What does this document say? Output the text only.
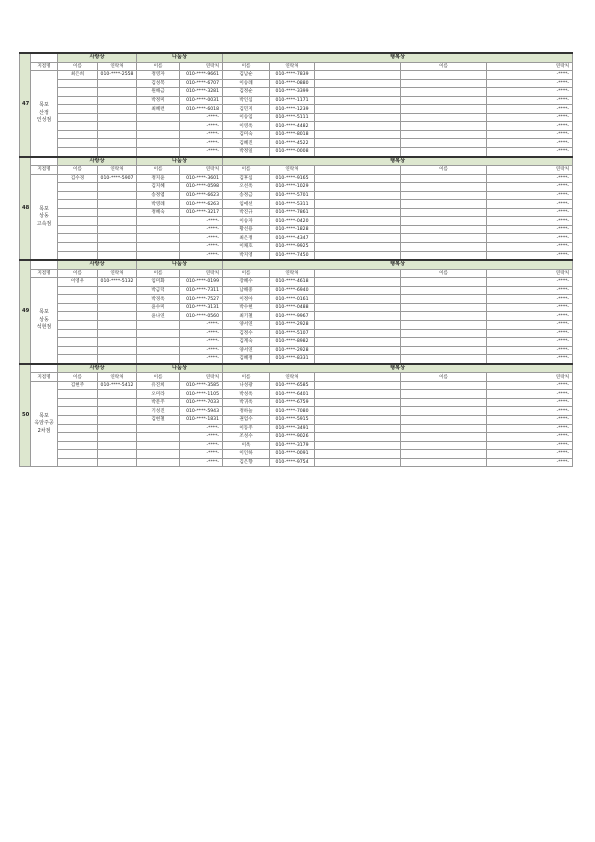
47		사랑상		나눔상		행복상				
	지점명	이름	연락처	이름	연락처	이름	연락처		이름	연락처

	목포
산정
인성점	최은희	010-****-2558	정영자	010-****-9661	김남순	010-****-7839			-****-
				김성복	010-****-6707	이승례	010-****-0880			-****-
				원해금	010-****-3281	김정순	010-****-3399			-****-
				박정미	010-****-0031	박인심	010-****-1171			-****-
				최혜련	010-****-6018	김민지	010-****-1239			-****-
					-****-	이승임	010-****-5111			-****-
					-****-	이영옥	010-****-4482			-****-
					-****-	김미숙	010-****-8018			-****-
					-****-	김혜진	010-****-4522			-****-
					-****-	박정일	010-****-0008			-****-
48		사랑상		나눔상		행복상				
	지점명	이름	연락처	이름	연락처	이름	연락처		이름	연락처

	목포
상동
고속점	김수경	010-****-5907	정지윤	010-****-3601	김후심	010-****-9165			-****-
				김지혜	010-****-0598	오선옥	010-****-1029			-****-
				송정엽	010-****-6623	송정금	010-****-5701			-****-
				박영례	010-****-6263	임애선	010-****-5311			-****-
				정혜숙	010-****-3217	박진규	010-****-7861			-****-
					-****-	이승자	010-****-0420			-****-
					-****-	황선용	010-****-1828			-****-
					-****-	최은정	010-****-4347			-****-
					-****-	이채호	010-****-9925			-****-
					-****-	박지영	010-****-7450			-****-
49		사랑상		나눔상		행복상				
	지점명	이름	연락처	이름	연락처	이름	연락처		이름	연락처

	목포
상동
석현점	이영우	010-****-5132	임미화	010-****-0199	장혜수	010-****-4618			-****-
				박금덕	010-****-7311	남해중	010-****-6940			-****-
				박경옥	010-****-7527	이정아	010-****-0161			-****-
				윤수미	010-****-3131	박수현	010-****-0488			-****-
				윤나연	010-****-0560	최기철	010-****-9967			-****-
					-****-	양서연	010-****-2928			-****-
					-****-	김정수	010-****-5107			-****-
					-****-	김계숙	010-****-8982			-****-
					-****-	양서연	010-****-2928			-****-
					-****-	김혜정	010-****-8331			-****-
50		사랑상		나눔상		행복상				
	지점명	이름	연락처	이름	연락처	이름	연락처		이름	연락처

	목포
옥암주공
2차점	김현주	010-****-5412	유진희	010-****-3585	나성광	010-****-6585			-****-
				오미라	010-****-1105	박성옥	010-****-6401			-****-
				박문주	010-****-7033	박귀옥	010-****-6759			-****-
				기성진	010-****-5943	정하늘	010-****-7080			-****-
				김현철	010-****-1831	권엄수	010-****-5915			-****-
					-****-	이동주	010-****-3491			-****-
					-****-	조성수	010-****-9026			-****-
					-****-	이옥	010-****-3179			-****-
					-****-	이인하	010-****-0091			-****-
					-****-	김은향	010-****-9754			-****-
